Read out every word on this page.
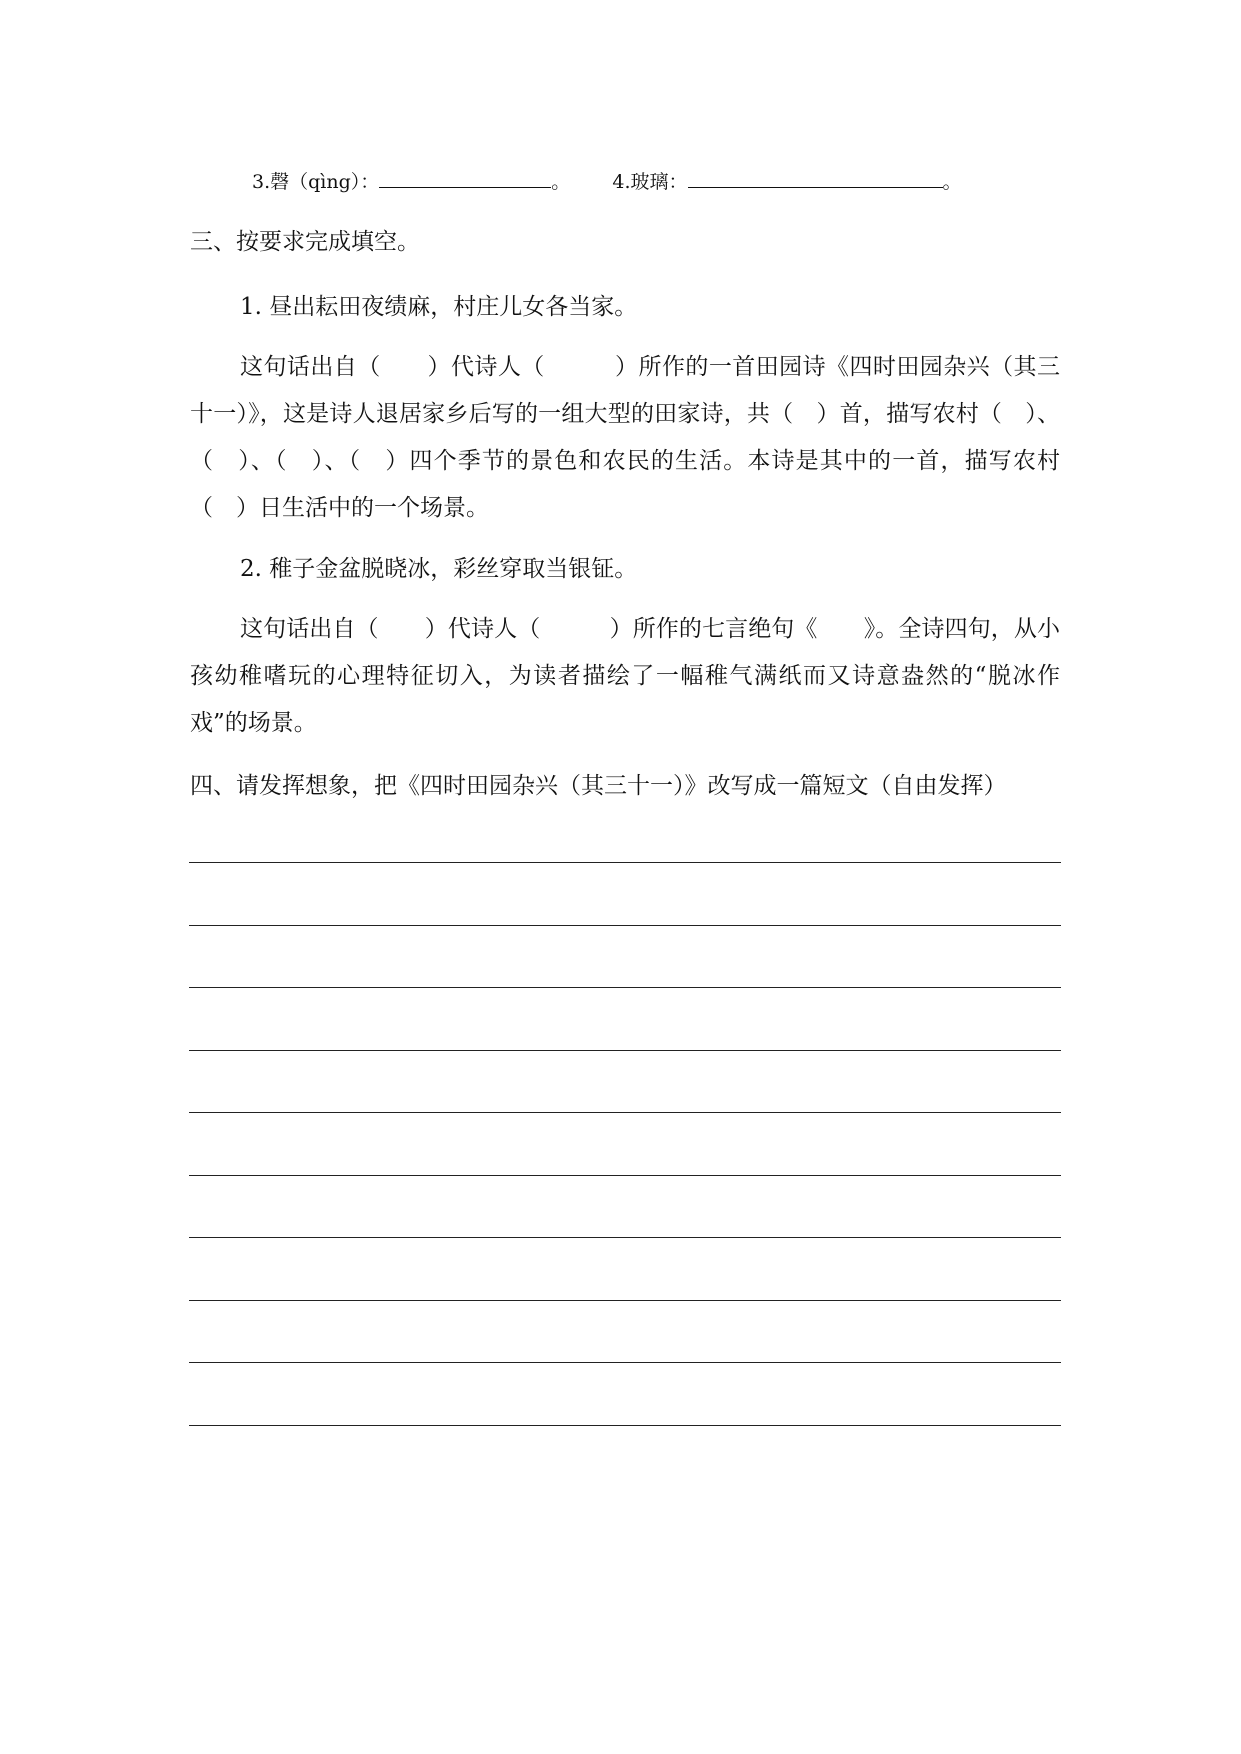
3.磬（qìng）：	。 4.玻璃：	。
三、按要求完成填空。
1. 昼出耘田夜绩麻，村庄儿女各当家。
这句话出自（　　）代诗人（　　　）所作的一首田园诗《四时田园杂兴（其三十一）》，这是诗人退居家乡后写的一组大型的田家诗，共（　）首，描写农村（　）、（　）、（　）、（　）四个季节的景色和农民的生活。本诗是其中的一首，描写农村（　）日生活中的一个场景。
2. 稚子金盆脱晓冰，彩丝穿取当银钲。
这句话出自（　　）代诗人（　　　）所作的七言绝句《　　》。全诗四句，从小孩幼稚嗜玩的心理特征切入，为读者描绘了一幅稚气满纸而又诗意盎然的“脱冰作戏”的场景。
四、请发挥想象，把《四时田园杂兴（其三十一）》改写成一篇短文（自由发挥）
